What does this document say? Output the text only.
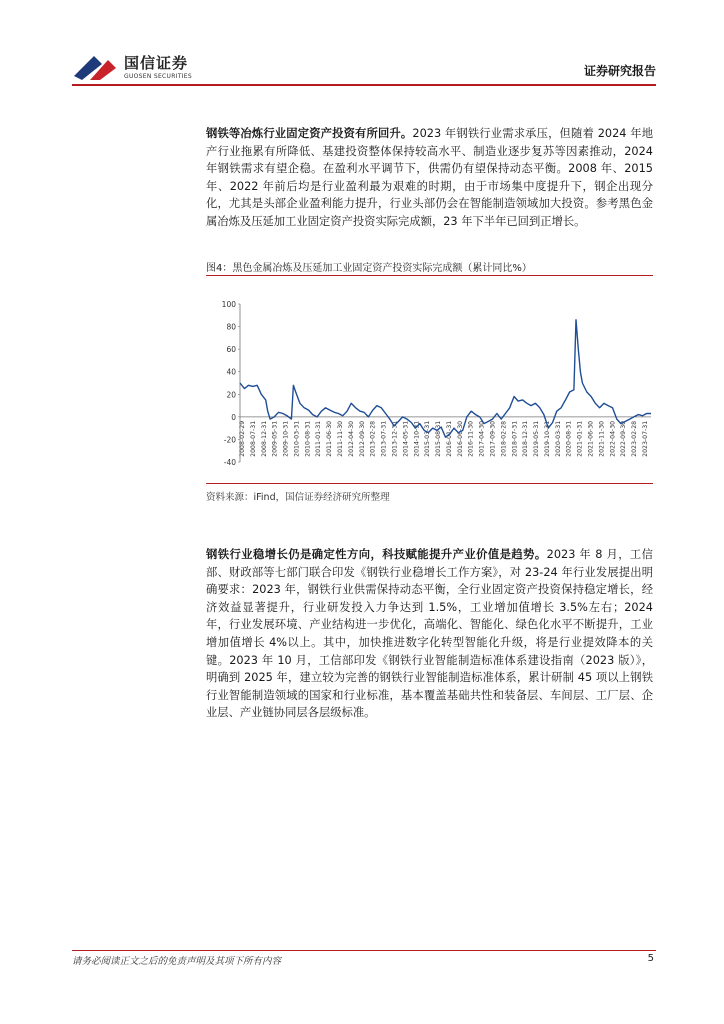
国信证券
GUOSEN SECURITIES	证券研究报告

钢铁等冶炼行业固定资产投资有所回升。2023 年钢铁行业需求承压，但随着 2024 年地产行业拖累有所降低、基建投资整体保持较高水平、制造业逐步复苏等因素推动，2024 年钢铁需求有望企稳。在盈利水平调节下，供需仍有望保持动态平衡。2008 年、2015 年、2022 年前后均是行业盈利最为艰难的时期，由于市场集中度提升下，钢企出现分化，尤其是头部企业盈利能力提升，行业头部仍会在智能制造领域加大投资。参考黑色金属冶炼及压延加工业固定资产投资实际完成额，23 年下半年已回到正增长。

图4：黑色金属冶炼及压延加工业固定资产投资实际完成额（累计同比%）
-40
-20
0
20
40
60
80
100
2008-02-29 2008-07-31 2008-12-31 2009-05-31 2009-10-31 2010-03-31 2010-08-31 2011-01-31 2011-06-30 2011-11-30 2012-04-30 2012-09-30 2013-02-28 2013-07-31 2013-12-31 2014-05-31 2014-10-31 2015-03-31 2015-08-31 2016-01-31 2016-06-30 2016-11-30 2017-04-30 2017-09-30 2018-02-28 2018-07-31 2018-12-31 2019-05-31 2019-10-31 2020-03-31 2020-08-31 2021-01-31 2021-06-30 2021-11-30 2022-04-30 2022-09-30 2023-02-28 2023-07-31
资料来源：iFind，国信证券经济研究所整理

钢铁行业稳增长仍是确定性方向，科技赋能提升产业价值是趋势。2023 年 8 月，工信部、财政部等七部门联合印发《钢铁行业稳增长工作方案》，对 23-24 年行业发展提出明确要求：2023 年，钢铁行业供需保持动态平衡，全行业固定资产投资保持稳定增长，经济效益显著提升，行业研发投入力争达到 1.5%，工业增加值增长 3.5%左右；2024 年，行业发展环境、产业结构进一步优化，高端化、智能化、绿色化水平不断提升，工业增加值增长 4%以上。其中，加快推进数字化转型智能化升级，将是行业提效降本的关键。2023 年 10 月，工信部印发《钢铁行业智能制造标准体系建设指南（2023 版）》，明确到 2025 年，建立较为完善的钢铁行业智能制造标准体系，累计研制 45 项以上钢铁行业智能制造领域的国家和行业标准，基本覆盖基础共性和装备层、车间层、工厂层、企业层、产业链协同层各层级标准。

请务必阅读正文之后的免责声明及其项下所有内容	5
